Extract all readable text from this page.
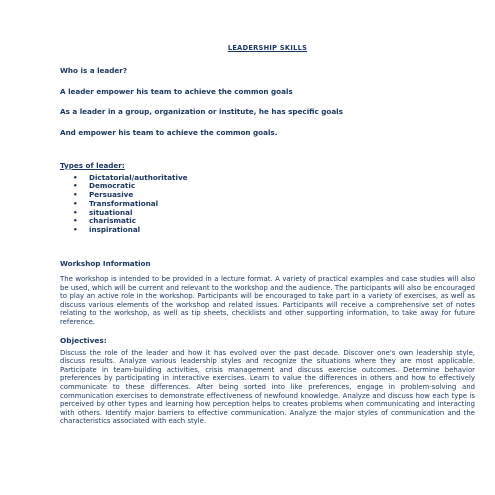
LEADERSHIP SKILLS
Who is a leader?
A leader empower his team to achieve the common goals
As a leader in a group, organization or institute, he has specific goals
And empower his team to achieve the common goals.
Types of leader:
• Dictatorial/authoritative
• Democratic
• Persuasive
• Transformational
• situational
• charismatic
• inspirational
Workshop Information

The workshop is intended to be provided in a lecture format. A variety of practical examples and case studies will also be used, which will be current and relevant to the workshop and the audience. The participants will also be encouraged to play an active role in the workshop. Participants will be encouraged to take part in a variety of exercises, as well as discuss various elements of the workshop and related issues. Participants will receive a comprehensive set of notes relating to the workshop, as well as tip sheets, checklists and other supporting information, to take away for future reference.

Objectives:

Discuss the role of the leader and how it has evolved over the past decade. Discover one's own leadership style, discuss results. Analyze various leadership styles and recognize the situations where they are most applicable. Participate in team-building activities, crisis management and discuss exercise outcomes. Determine behavior preferences by participating in interactive exercises. Learn to value the differences in others and how to effectively communicate to these differences. After being sorted into like preferences, engage in problem-solving and communication exercises to demonstrate effectiveness of newfound knowledge. Analyze and discuss how each type is perceived by other types and learning how perception helps to creates problems when communicating and interacting with others. Identify major barriers to effective communication. Analyze the major styles of communication and the characteristics associated with each style.
